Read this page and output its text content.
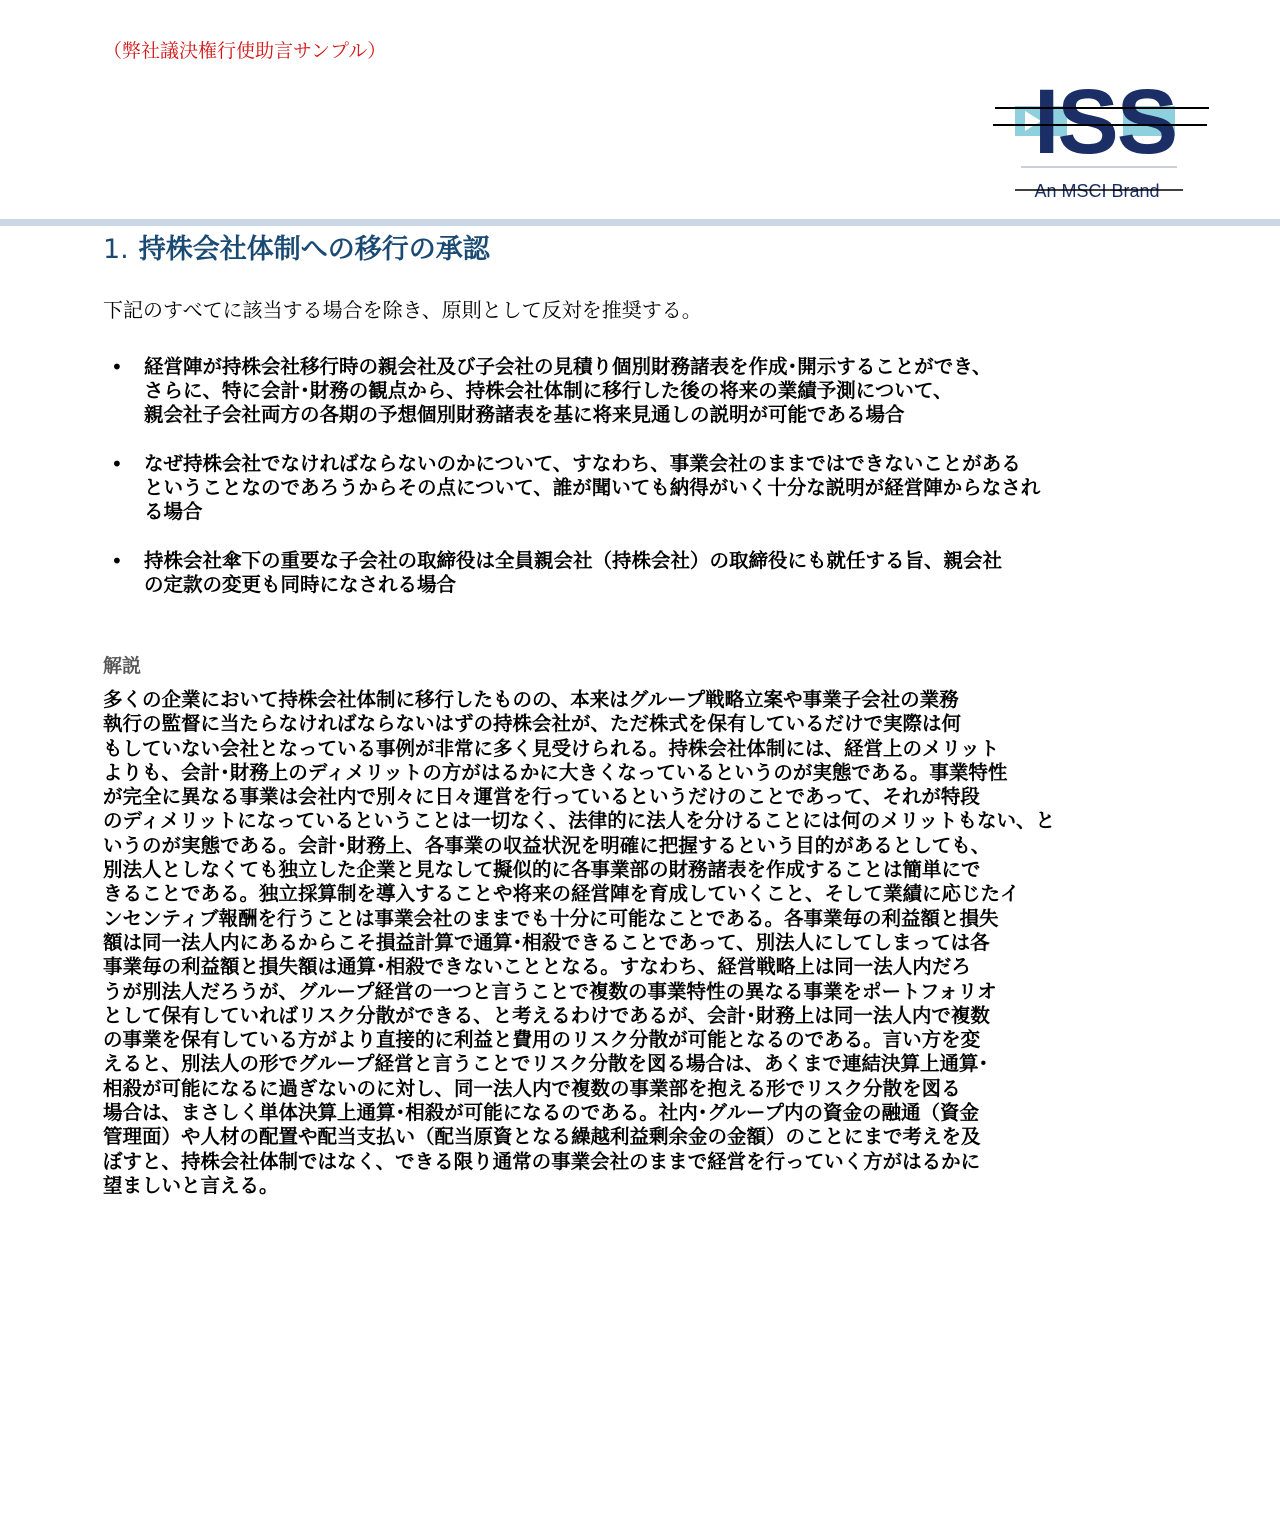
（弊社議決権行使助言サンプル）
ISS
An MSCI Brand
1. 持株会社体制への移行の承認

下記のすべてに該当する場合を除き、原則として反対を推奨する。

• 経営陣が持株会社移行時の親会社及び子会社の見積り個別財務諸表を作成･開示することができ、
さらに、特に会計･財務の観点から、持株会社体制に移行した後の将来の業績予測について、
親会社子会社両方の各期の予想個別財務諸表を基に将来見通しの説明が可能である場合
• なぜ持株会社でなければならないのかについて、すなわち、事業会社のままではできないことがある
ということなのであろうからその点について、誰が聞いても納得がいく十分な説明が経営陣からなされ
る場合
• 持株会社傘下の重要な子会社の取締役は全員親会社（持株会社）の取締役にも就任する旨、親会社
の定款の変更も同時になされる場合
解説
多くの企業において持株会社体制に移行したものの、本来はグループ戦略立案や事業子会社の業務
執行の監督に当たらなければならないはずの持株会社が、ただ株式を保有しているだけで実際は何
もしていない会社となっている事例が非常に多く見受けられる。持株会社体制には、経営上のメリット
よりも、会計･財務上のディメリットの方がはるかに大きくなっているというのが実態である。事業特性
が完全に異なる事業は会社内で別々に日々運営を行っているというだけのことであって、それが特段
のディメリットになっているということは一切なく、法律的に法人を分けることには何のメリットもない、と
いうのが実態である。会計･財務上、各事業の収益状況を明確に把握するという目的があるとしても、
別法人としなくても独立した企業と見なして擬似的に各事業部の財務諸表を作成することは簡単にで
きることである。独立採算制を導入することや将来の経営陣を育成していくこと、そして業績に応じたイ
ンセンティブ報酬を行うことは事業会社のままでも十分に可能なことである。各事業毎の利益額と損失
額は同一法人内にあるからこそ損益計算で通算･相殺できることであって、別法人にしてしまっては各
事業毎の利益額と損失額は通算･相殺できないこととなる。すなわち、経営戦略上は同一法人内だろ
うが別法人だろうが、グループ経営の一つと言うことで複数の事業特性の異なる事業をポートフォリオ
として保有していればリスク分散ができる、と考えるわけであるが、会計･財務上は同一法人内で複数
の事業を保有している方がより直接的に利益と費用のリスク分散が可能となるのである。言い方を変
えると、別法人の形でグループ経営と言うことでリスク分散を図る場合は、あくまで連結決算上通算･
相殺が可能になるに過ぎないのに対し、同一法人内で複数の事業部を抱える形でリスク分散を図る
場合は、まさしく単体決算上通算･相殺が可能になるのである。社内･グループ内の資金の融通（資金
管理面）や人材の配置や配当支払い（配当原資となる繰越利益剰余金の金額）のことにまで考えを及
ぼすと、持株会社体制ではなく、できる限り通常の事業会社のままで経営を行っていく方がはるかに
望ましいと言える。
